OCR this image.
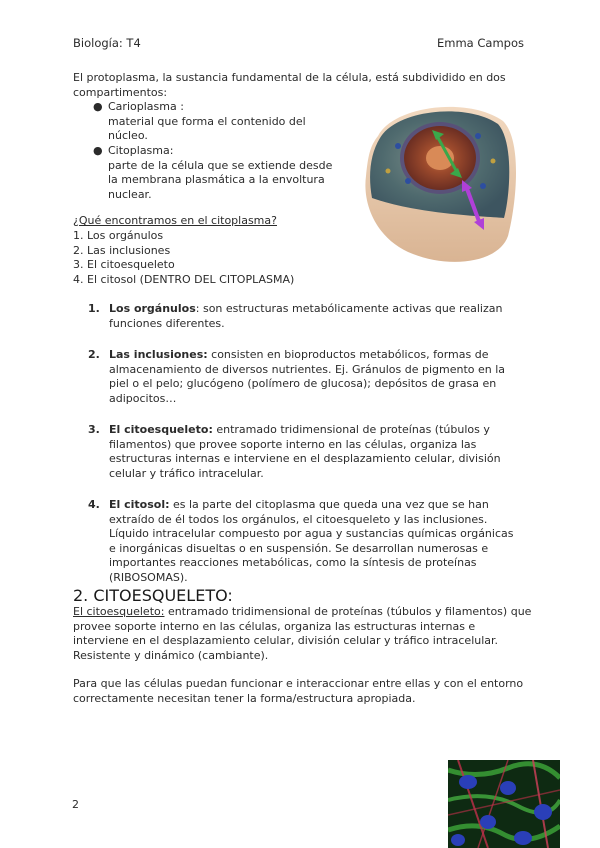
Biología: T4	Emma Campos
El protoplasma, la sustancia fundamental de la célula, está subdividido en dos compartimentos:
● Carioplasma :
material que forma el contenido del núcleo.
● Citoplasma:
parte de la célula que se extiende desde la membrana plasmática a la envoltura nuclear.
¿Qué encontramos en el citoplasma?
1. Los orgánulos
2. Las inclusiones
3. El citoesqueleto
4. El citosol (DENTRO DEL CITOPLASMA)
1. Los orgánulos: son estructuras metabólicamente activas que realizan funciones diferentes.
2. Las inclusiones: consisten en bioproductos metabólicos, formas de almacenamiento de diversos nutrientes. Ej. Gránulos de pigmento en la piel o el pelo; glucógeno (polímero de glucosa); depósitos de grasa en adipocitos…
3. El citoesqueleto: entramado tridimensional de proteínas (túbulos y filamentos) que provee soporte interno en las células, organiza las estructuras internas e interviene en el desplazamiento celular, división celular y tráfico intracelular.
4. El citosol: es la parte del citoplasma que queda una vez que se han extraído de él todos los orgánulos, el citoesqueleto y las inclusiones. Líquido intracelular compuesto por agua y sustancias químicas orgánicas e inorgánicas disueltas o en suspensión. Se desarrollan numerosas e importantes reacciones metabólicas, como la síntesis de proteínas (RIBOSOMAS).
2. CITOESQUELETO:
El citoesqueleto: entramado tridimensional de proteínas (túbulos y filamentos) que provee soporte interno en las células, organiza las estructuras internas e interviene en el desplazamiento celular, división celular y tráfico intracelular. Resistente y dinámico (cambiante).
Para que las células puedan funcionar e interaccionar entre ellas y con el entorno correctamente necesitan tener la forma/estructura apropiada.
2
